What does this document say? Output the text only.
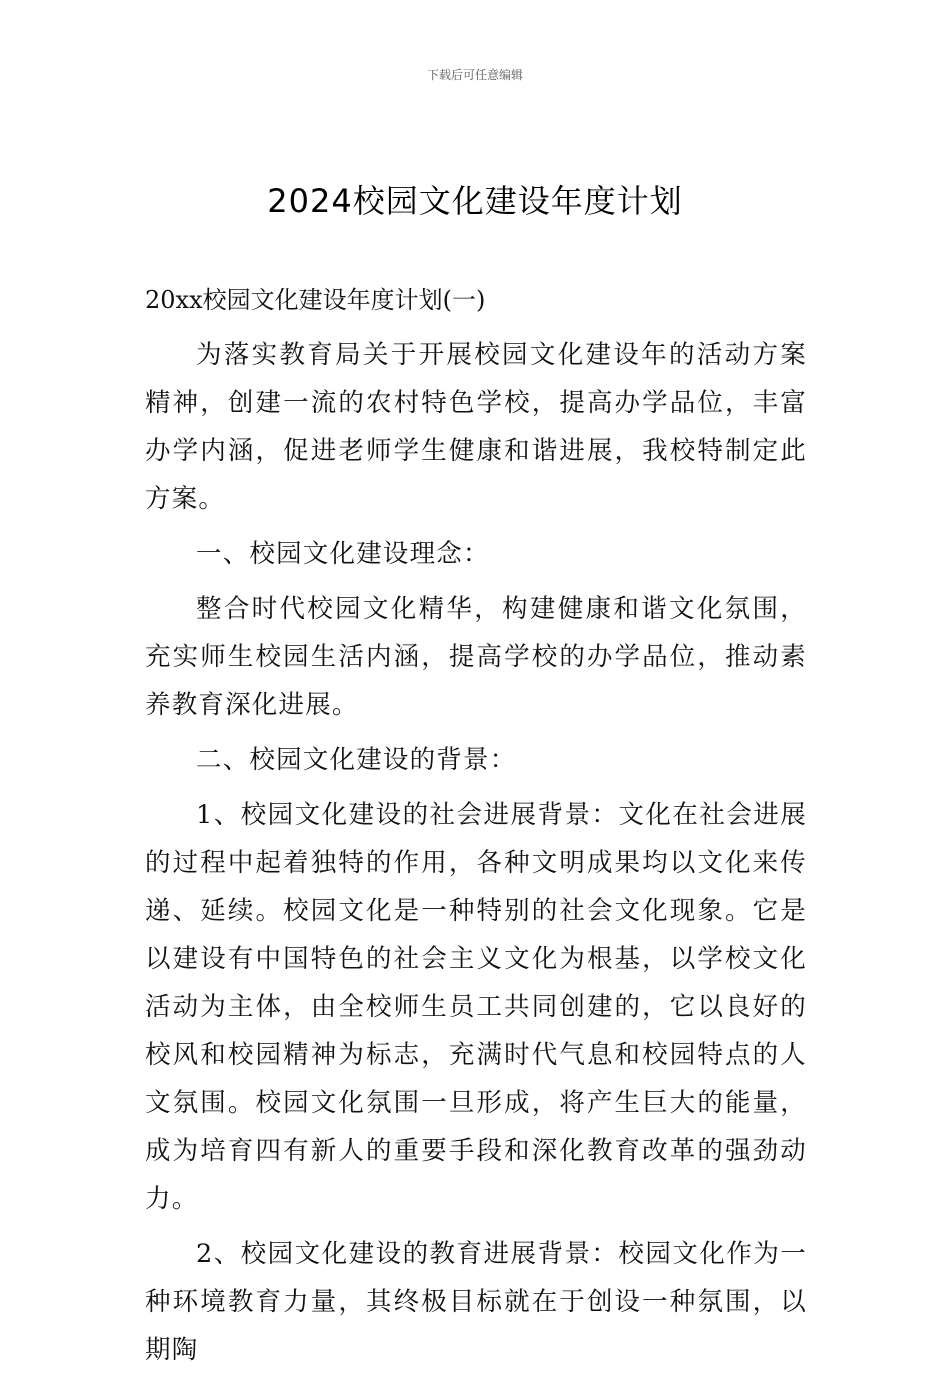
下载后可任意编辑
2024校园文化建设年度计划

20xx校园文化建设年度计划(一)

为落实教育局关于开展校园文化建设年的活动方案精神，创建一流的农村特色学校，提高办学品位，丰富办学内涵，促进老师学生健康和谐进展，我校特制定此方案。

一、校园文化建设理念：

整合时代校园文化精华，构建健康和谐文化氛围，充实师生校园生活内涵，提高学校的办学品位，推动素养教育深化进展。

二、校园文化建设的背景：

1、校园文化建设的社会进展背景：文化在社会进展的过程中起着独特的作用，各种文明成果均以文化来传递、延续。校园文化是一种特别的社会文化现象。它是以建设有中国特色的社会主义文化为根基，以学校文化活动为主体，由全校师生员工共同创建的，它以良好的校风和校园精神为标志，充满时代气息和校园特点的人文氛围。校园文化氛围一旦形成，将产生巨大的能量，成为培育四有新人的重要手段和深化教育改革的强劲动力。

2、校园文化建设的教育进展背景：校园文化作为一种环境教育力量，其终极目标就在于创设一种氛围，以期陶
